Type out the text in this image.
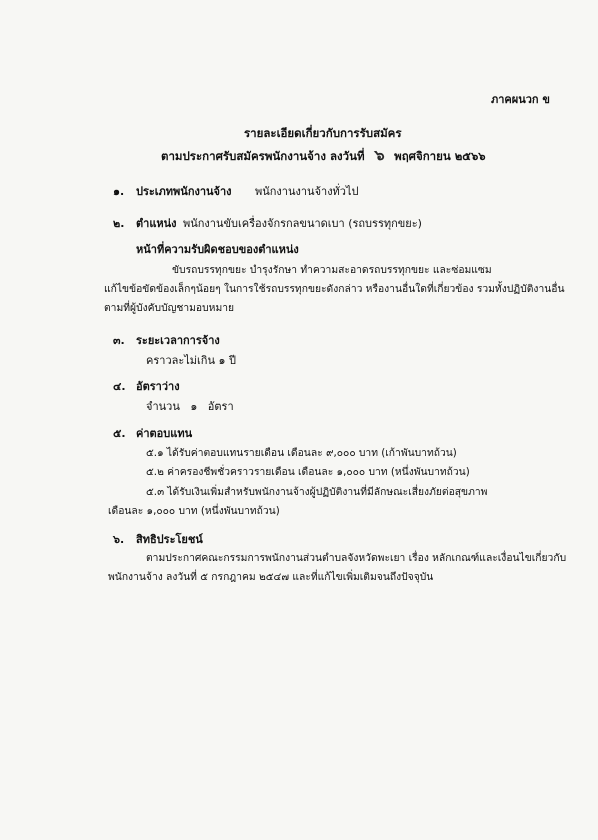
ภาคผนวก ข
รายละเอียดเกี่ยวกับการรับสมัคร
ตามประกาศรับสมัครพนักงานจ้าง ลงวันที่ ๖ พฤศจิกายน ๒๕๖๖
๑. ประเภทพนักงานจ้าง พนักงานงานจ้างทั่วไป
๒. ตำแหน่ง พนักงานขับเครื่องจักรกลขนาดเบา (รถบรรทุกขยะ)
หน้าที่ความรับผิดชอบของตำแหน่ง
ขับรถบรรทุกขยะ บำรุงรักษา ทำความสะอาดรถบรรทุกขยะ และซ่อมแซม
แก้ไขข้อขัดข้องเล็กๆน้อยๆ ในการใช้รถบรรทุกขยะดังกล่าว หรืองานอื่นใดที่เกี่ยวข้อง รวมทั้งปฏิบัติงานอื่น
ตามที่ผู้บังคับบัญชามอบหมาย
๓. ระยะเวลาการจ้าง
คราวละไม่เกิน ๑ ปี
๔. อัตราว่าง
จำนวน   ๑   อัตรา
๕. ค่าตอบแทน
๕.๑ ได้รับค่าตอบแทนรายเดือน เดือนละ ๙,๐๐๐ บาท (เก้าพันบาทถ้วน)
๕.๒ ค่าครองชีพชั่วคราวรายเดือน เดือนละ ๑,๐๐๐ บาท (หนึ่งพันบาทถ้วน)
๕.๓ ได้รับเงินเพิ่มสำหรับพนักงานจ้างผู้ปฏิบัติงานที่มีลักษณะเสี่ยงภัยต่อสุขภาพ
เดือนละ ๑,๐๐๐ บาท (หนึ่งพันบาทถ้วน)
๖. สิทธิประโยชน์
ตามประกาศคณะกรรมการพนักงานส่วนตำบลจังหวัดพะเยา เรื่อง หลักเกณฑ์และเงื่อนไขเกี่ยวกับ
พนักงานจ้าง ลงวันที่ ๕ กรกฎาคม ๒๕๔๗ และที่แก้ไขเพิ่มเติมจนถึงปัจจุบัน
